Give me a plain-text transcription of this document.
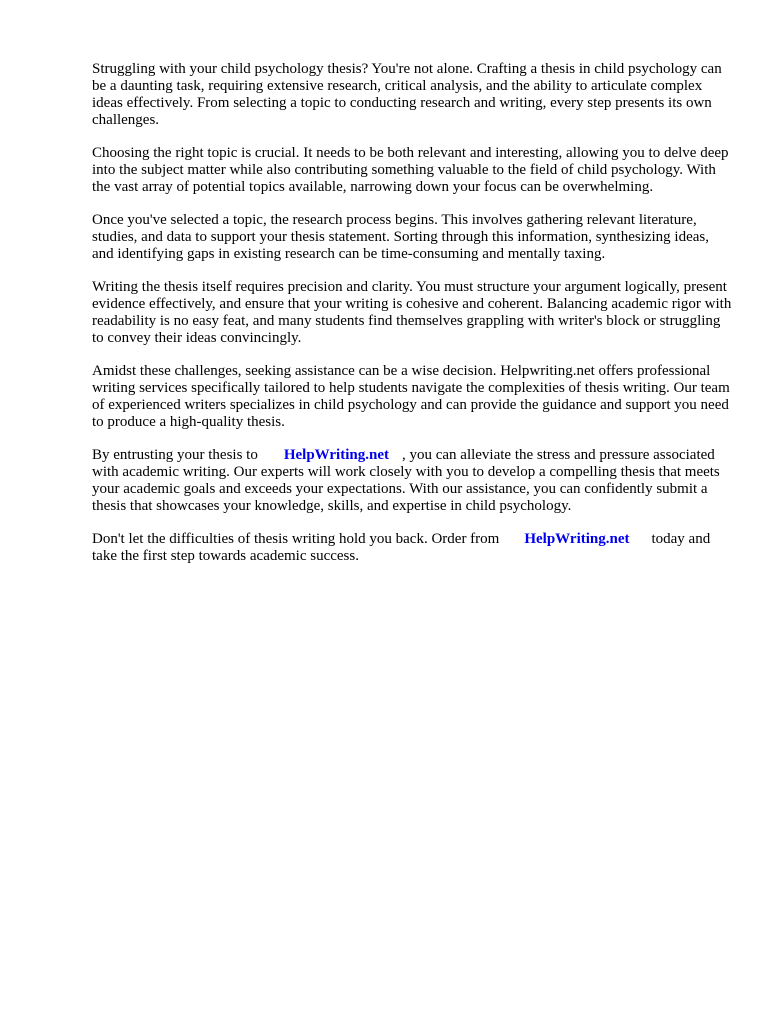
Struggling with your child psychology thesis? You're not alone. Crafting a thesis in child psychology can be a daunting task, requiring extensive research, critical analysis, and the ability to articulate complex ideas effectively. From selecting a topic to conducting research and writing, every step presents its own challenges.

Choosing the right topic is crucial. It needs to be both relevant and interesting, allowing you to delve deep into the subject matter while also contributing something valuable to the field of child psychology. With the vast array of potential topics available, narrowing down your focus can be overwhelming.

Once you've selected a topic, the research process begins. This involves gathering relevant literature, studies, and data to support your thesis statement. Sorting through this information, synthesizing ideas, and identifying gaps in existing research can be time-consuming and mentally taxing.

Writing the thesis itself requires precision and clarity. You must structure your argument logically, present evidence effectively, and ensure that your writing is cohesive and coherent. Balancing academic rigor with readability is no easy feat, and many students find themselves grappling with writer's block or struggling to convey their ideas convincingly.

Amidst these challenges, seeking assistance can be a wise decision. Helpwriting.net offers professional writing services specifically tailored to help students navigate the complexities of thesis writing. Our team of experienced writers specializes in child psychology and can provide the guidance and support you need to produce a high-quality thesis.

By entrusting your thesis to HelpWriting.net , you can alleviate the stress and pressure associated with academic writing. Our experts will work closely with you to develop a compelling thesis that meets your academic goals and exceeds your expectations. With our assistance, you can confidently submit a thesis that showcases your knowledge, skills, and expertise in child psychology.

Don't let the difficulties of thesis writing hold you back. Order from HelpWriting.net today and take the first step towards academic success.
